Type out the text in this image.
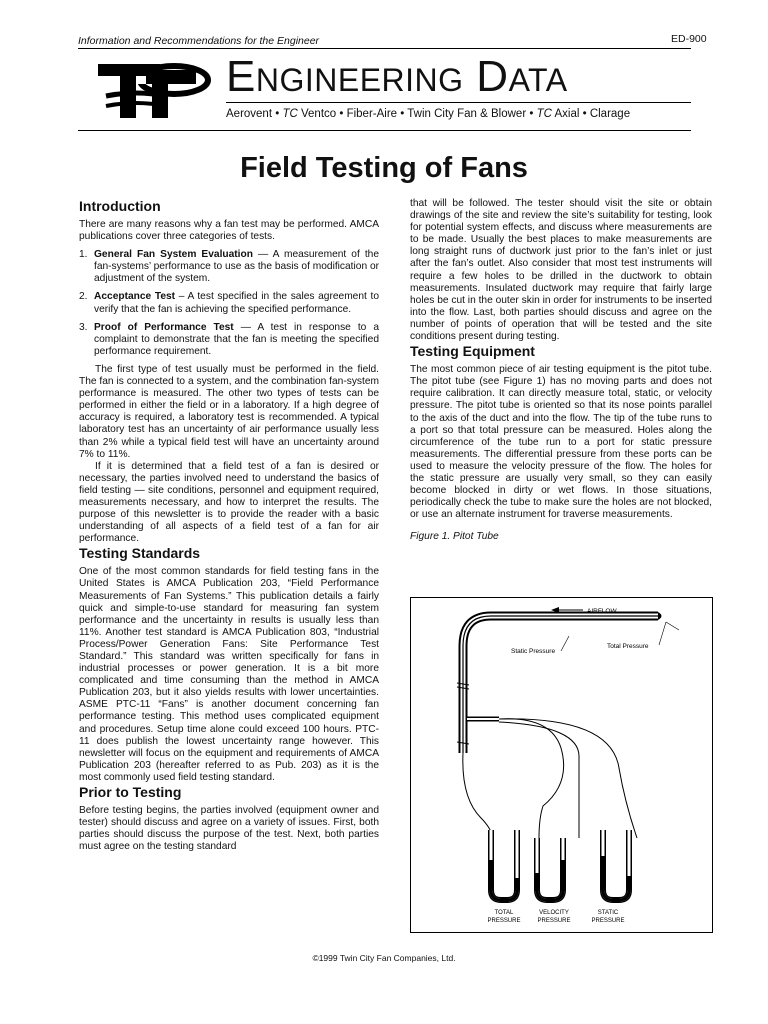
Information and Recommendations for the Engineer	ED-900
ENGINEERING DATA
Aerovent • TC Ventco • Fiber-Aire • Twin City Fan & Blower • TC Axial • Clarage
Field Testing of Fans
Introduction

There are many reasons why a fan test may be performed. AMCA publications cover three categories of tests.

1. General Fan System Evaluation — A measurement of the fan-systems’ performance to use as the basis of modification or adjustment of the system.
2. Acceptance Test – A test specified in the sales agreement to verify that the fan is achieving the specified performance.
3. Proof of Performance Test — A test in response to a complaint to demonstrate that the fan is meeting the specified performance requirement.

The first type of test usually must be performed in the field. The fan is connected to a system, and the combination fan-system performance is measured. The other two types of tests can be performed in either the field or in a laboratory. If a high degree of accuracy is required, a laboratory test is recommended. A typical laboratory test has an uncertainty of air performance usually less than 2% while a typical field test will have an uncertainty around 7% to 11%.

If it is determined that a field test of a fan is desired or necessary, the parties involved need to understand the basics of field testing — site conditions, personnel and equipment required, measurements necessary, and how to interpret the results. The purpose of this newsletter is to provide the reader with a basic understanding of all aspects of a field test of a fan for air performance.

Testing Standards

One of the most common standards for field testing fans in the United States is AMCA Publication 203, “Field Performance Measurements of Fan Systems.” This publication details a fairly quick and simple-to-use standard for measuring fan system performance and the uncertainty in results is usually less than 11%. Another test standard is AMCA Publication 803, “Industrial Process/Power Generation Fans: Site Performance Test Standard.” This standard was written specifically for fans in industrial processes or power generation. It is a bit more complicated and time consuming than the method in AMCA Publication 203, but it also yields results with lower uncertainties. ASME PTC-11 “Fans” is another document concerning fan performance testing. This method uses complicated equipment and procedures. Setup time alone could exceed 100 hours. PTC-11 does publish the lowest uncertainty range however. This newsletter will focus on the equipment and requirements of AMCA Publication 203 (hereafter referred to as Pub. 203) as it is the most commonly used field testing standard.

Prior to Testing

Before testing begins, the parties involved (equipment owner and tester) should discuss and agree on a variety of issues. First, both parties should discuss the purpose of the test. Next, both parties must agree on the testing standard

that will be followed. The tester should visit the site or obtain drawings of the site and review the site’s suitability for testing, look for potential system effects, and discuss where measurements are to be made. Usually the best places to make measurements are long straight runs of ductwork just prior to the fan’s inlet or just after the fan’s outlet. Also consider that most test instruments will require a few holes to be drilled in the ductwork to obtain measurements. Insulated ductwork may require that fairly large holes be cut in the outer skin in order for instruments to be inserted into the flow. Last, both parties should discuss and agree on the number of points of operation that will be tested and the site conditions present during testing.

Testing Equipment

The most common piece of air testing equipment is the pitot tube. The pitot tube (see Figure 1) has no moving parts and does not require calibration. It can directly measure total, static, or velocity pressure. The pitot tube is oriented so that its nose points parallel to the axis of the duct and into the flow. The tip of the tube runs to a port so that total pressure can be measured. Holes along the circumference of the tube run to a port for static pressure measurements. The differential pressure from these ports can be used to measure the velocity pressure of the flow. The holes for the static pressure are usually very small, so they can easily become blocked in dirty or wet flows. In those situations, periodically check the tube to make sure the holes are not blocked, or use an alternate instrument for traverse measurements.

Figure 1. Pitot Tube
AIRFLOW
Static Pressure
Total Pressure
TOTAL
PRESSURE
VELOCITY
PRESSURE
STATIC
PRESSURE
©1999 Twin City Fan Companies, Ltd.
